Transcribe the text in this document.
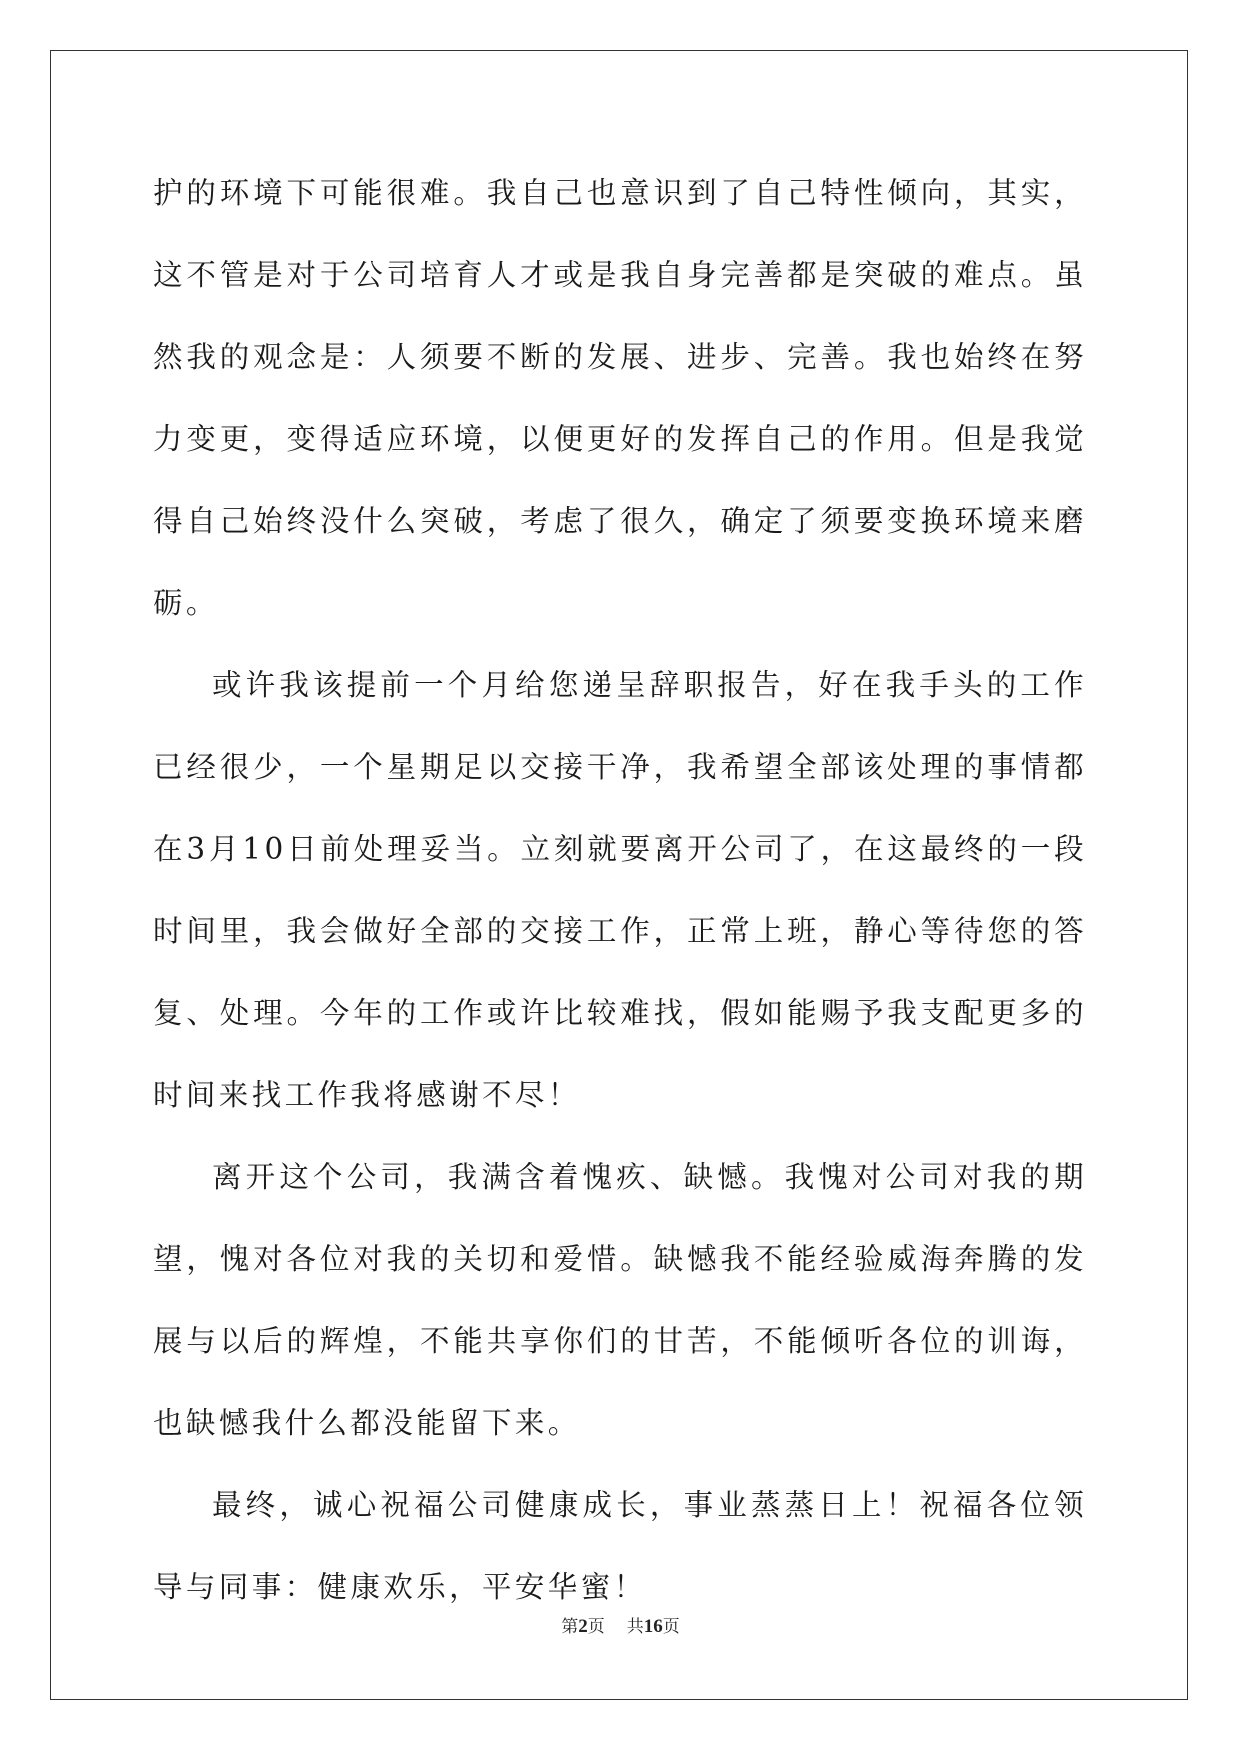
护的环境下可能很难。我自己也意识到了自己特性倾向，其实，这不管是对于公司培育人才或是我自身完善都是突破的难点。虽然我的观念是：人须要不断的发展、进步、完善。我也始终在努力变更，变得适应环境，以便更好的发挥自己的作用。但是我觉得自己始终没什么突破，考虑了很久，确定了须要变换环境来磨砺。

或许我该提前一个月给您递呈辞职报告，好在我手头的工作已经很少，一个星期足以交接干净，我希望全部该处理的事情都在3月10日前处理妥当。立刻就要离开公司了，在这最终的一段时间里，我会做好全部的交接工作，正常上班，静心等待您的答复、处理。今年的工作或许比较难找，假如能赐予我支配更多的时间来找工作我将感谢不尽！

离开这个公司，我满含着愧疚、缺憾。我愧对公司对我的期望，愧对各位对我的关切和爱惜。缺憾我不能经验威海奔腾的发展与以后的辉煌，不能共享你们的甘苦，不能倾听各位的训诲，也缺憾我什么都没能留下来。

最终，诚心祝福公司健康成长，事业蒸蒸日上！祝福各位领导与同事：健康欢乐，平安华蜜！

第2页 共16页
